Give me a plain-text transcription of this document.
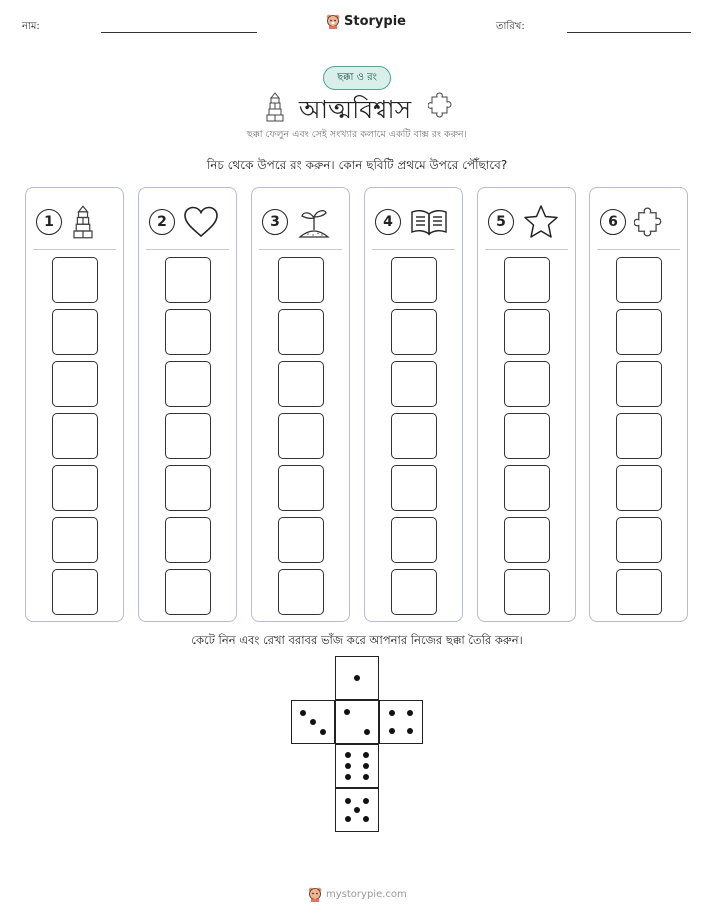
নাম:	Storypie	তারিখ:
ছক্কা ও রং
আত্মবিশ্বাস
ছক্কা ফেলুন এবং সেই সংখ্যার কলামে একটি বাক্স রং করুন।
নিচ থেকে উপরে রং করুন। কোন ছবিটি প্রথমে উপরে পৌঁছাবে?
1	2	3	4	5	6
কেটে নিন এবং রেখা বরাবর ভাঁজ করে আপনার নিজের ছক্কা তৈরি করুন।
mystorypie.com
